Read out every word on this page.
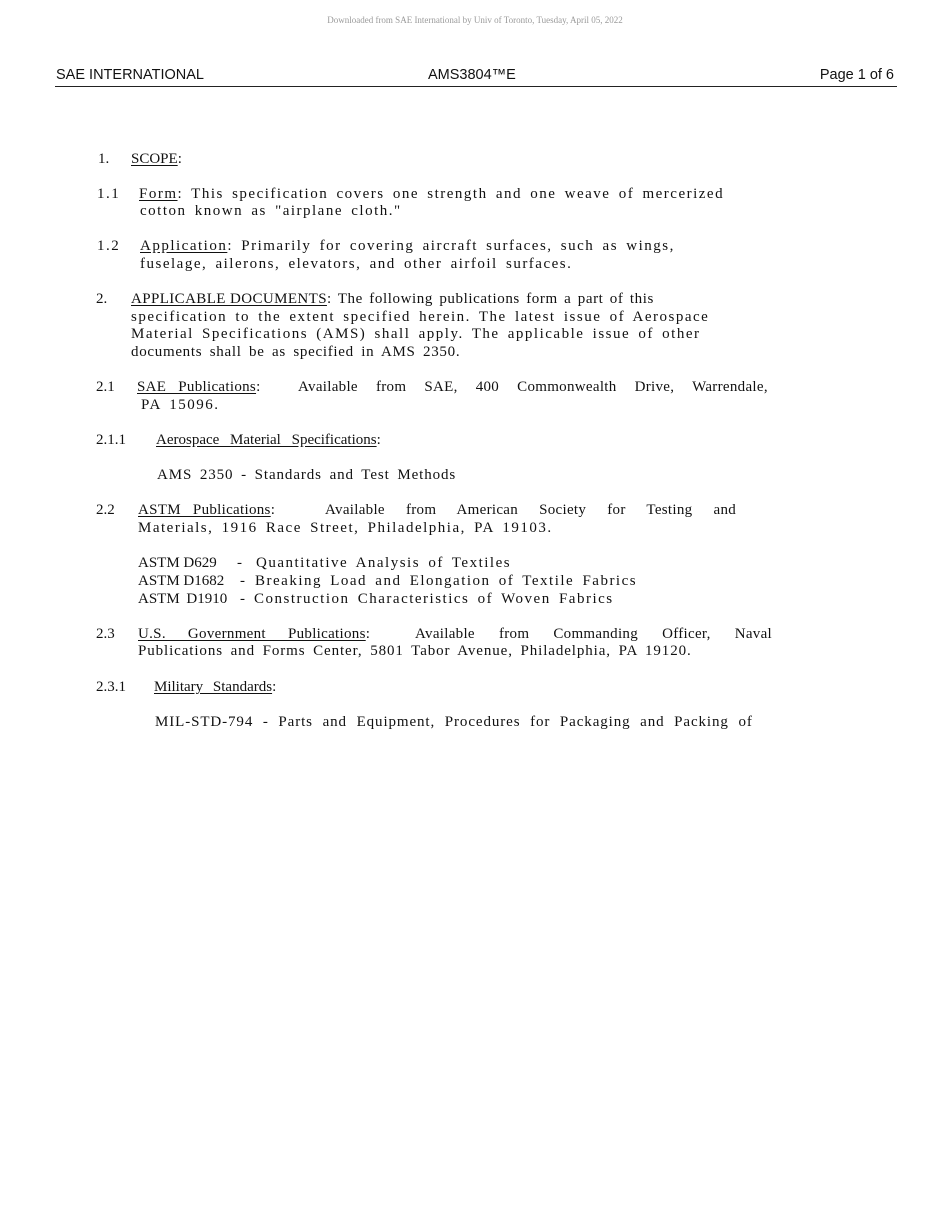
Downloaded from SAE International by Univ of Toronto, Tuesday, April 05, 2022
SAE INTERNATIONAL	AMS3804™E	Page 1 of 6
1. SCOPE:
1.1 Form: This specification covers one strength and one weave of mercerized
cotton known as "airplane cloth."
1.2 Application: Primarily for covering aircraft surfaces, such as wings,
fuselage, ailerons, elevators, and other airfoil surfaces.
2. APPLICABLE DOCUMENTS: The following publications form a part of this
specification to the extent specified herein. The latest issue of Aerospace
Material Specifications (AMS) shall apply. The applicable issue of other
documents shall be as specified in AMS 2350.
2.1 SAE Publications: Available from SAE, 400 Commonwealth Drive, Warrendale,
PA 15096.
2.1.1 Aerospace Material Specifications:
AMS 2350 - Standards and Test Methods
2.2 ASTM Publications:	Available from American Society for Testing and
Materials, 1916 Race Street, Philadelphia, PA 19103.
ASTM D629 - Quantitative Analysis of Textiles
ASTM D1682 - Breaking Load and Elongation of Textile Fabrics
ASTM D1910 - Construction Characteristics of Woven Fabrics
2.3 U.S. Government Publications:	Available from Commanding Officer, Naval
Publications and Forms Center, 5801 Tabor Avenue, Philadelphia, PA 19120.
2.3.1 Military Standards:
MIL-STD-794 - Parts and Equipment, Procedures for Packaging and Packing of
